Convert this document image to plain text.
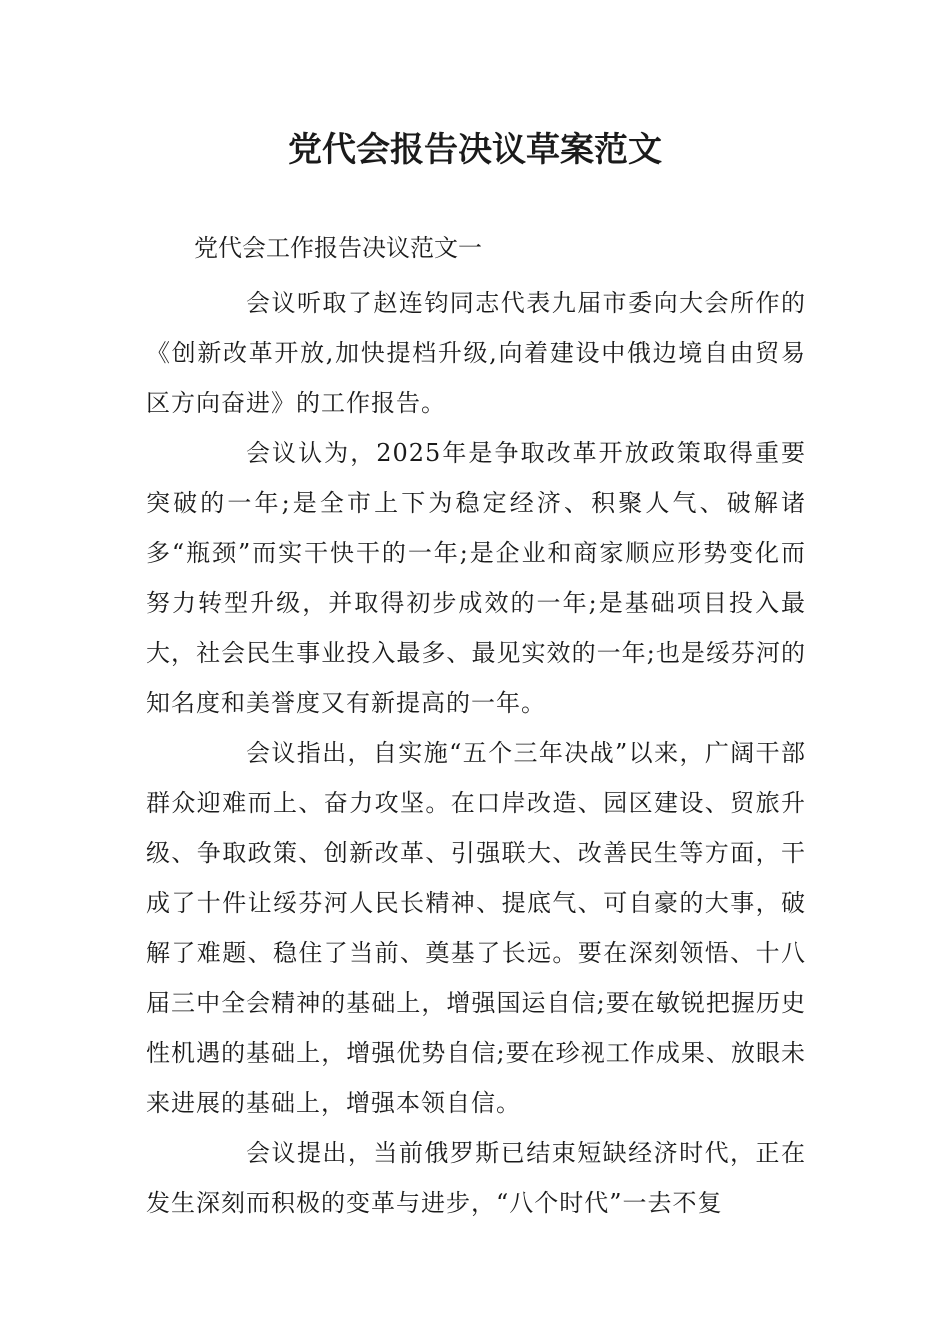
党代会报告决议草案范文

党代会工作报告决议范文一

会议听取了赵连钧同志代表九届市委向大会所作的《创新改革开放,加快提档升级,向着建设中俄边境自由贸易区方向奋进》的工作报告。

会议认为，2025年是争取改革开放政策取得重要突破的一年;是全市上下为稳定经济、积聚人气、破解诸多“瓶颈”而实干快干的一年;是企业和商家顺应形势变化而努力转型升级，并取得初步成效的一年;是基础项目投入最大，社会民生事业投入最多、最见实效的一年;也是绥芬河的知名度和美誉度又有新提高的一年。

会议指出，自实施“五个三年决战”以来，广阔干部群众迎难而上、奋力攻坚。在口岸改造、园区建设、贸旅升级、争取政策、创新改革、引强联大、改善民生等方面，干成了十件让绥芬河人民长精神、提底气、可自豪的大事，破解了难题、稳住了当前、奠基了长远。要在深刻领悟、十八届三中全会精神的基础上，增强国运自信;要在敏锐把握历史性机遇的基础上，增强优势自信;要在珍视工作成果、放眼未来进展的基础上，增强本领自信。

会议提出，当前俄罗斯已结束短缺经济时代，正在发生深刻而积极的变革与进步，“八个时代”一去不复
